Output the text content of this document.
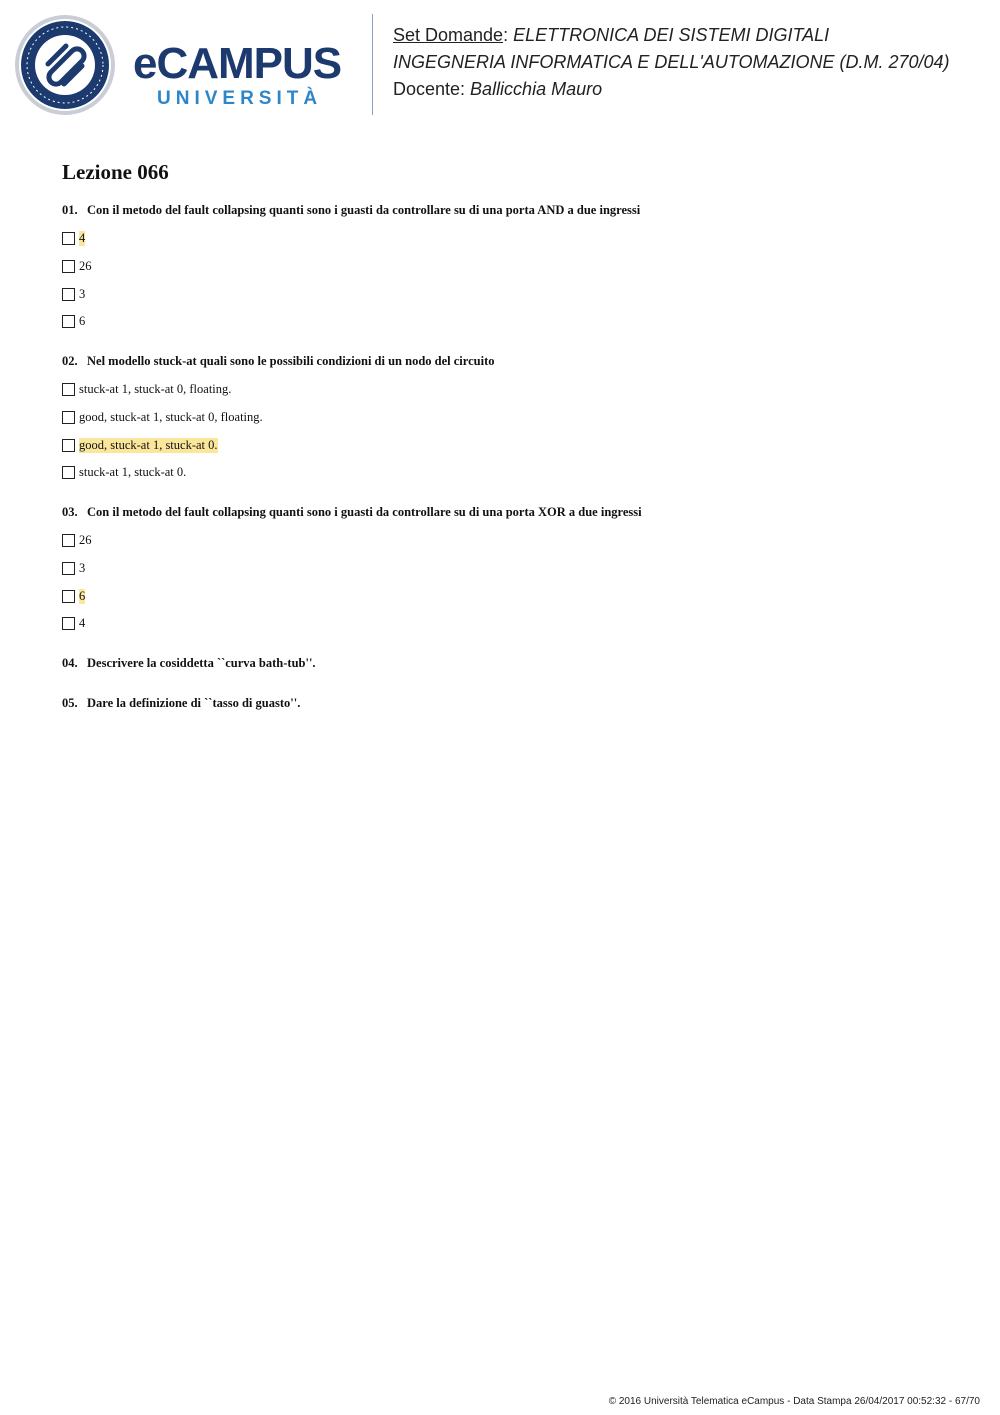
eCAMPUS
UNIVERSITÀ
Set Domande: ELETTRONICA DEI SISTEMI DIGITALI
INGEGNERIA INFORMATICA E DELL'AUTOMAZIONE (D.M. 270/04)
Docente: Ballicchia Mauro
Lezione 066
01. Con il metodo del fault collapsing quanti sono i guasti da controllare su di una porta AND a due ingressi
4
26
3
6
02. Nel modello stuck-at quali sono le possibili condizioni di un nodo del circuito
stuck-at 1, stuck-at 0, floating.
good, stuck-at 1, stuck-at 0, floating.
good, stuck-at 1, stuck-at 0.
stuck-at 1, stuck-at 0.
03. Con il metodo del fault collapsing quanti sono i guasti da controllare su di una porta XOR a due ingressi
26
3
6
4
04. Descrivere la cosiddetta ``curva bath-tub''.
05. Dare la definizione di ``tasso di guasto''.
© 2016 Università Telematica eCampus - Data Stampa 26/04/2017 00:52:32 - 67/70
